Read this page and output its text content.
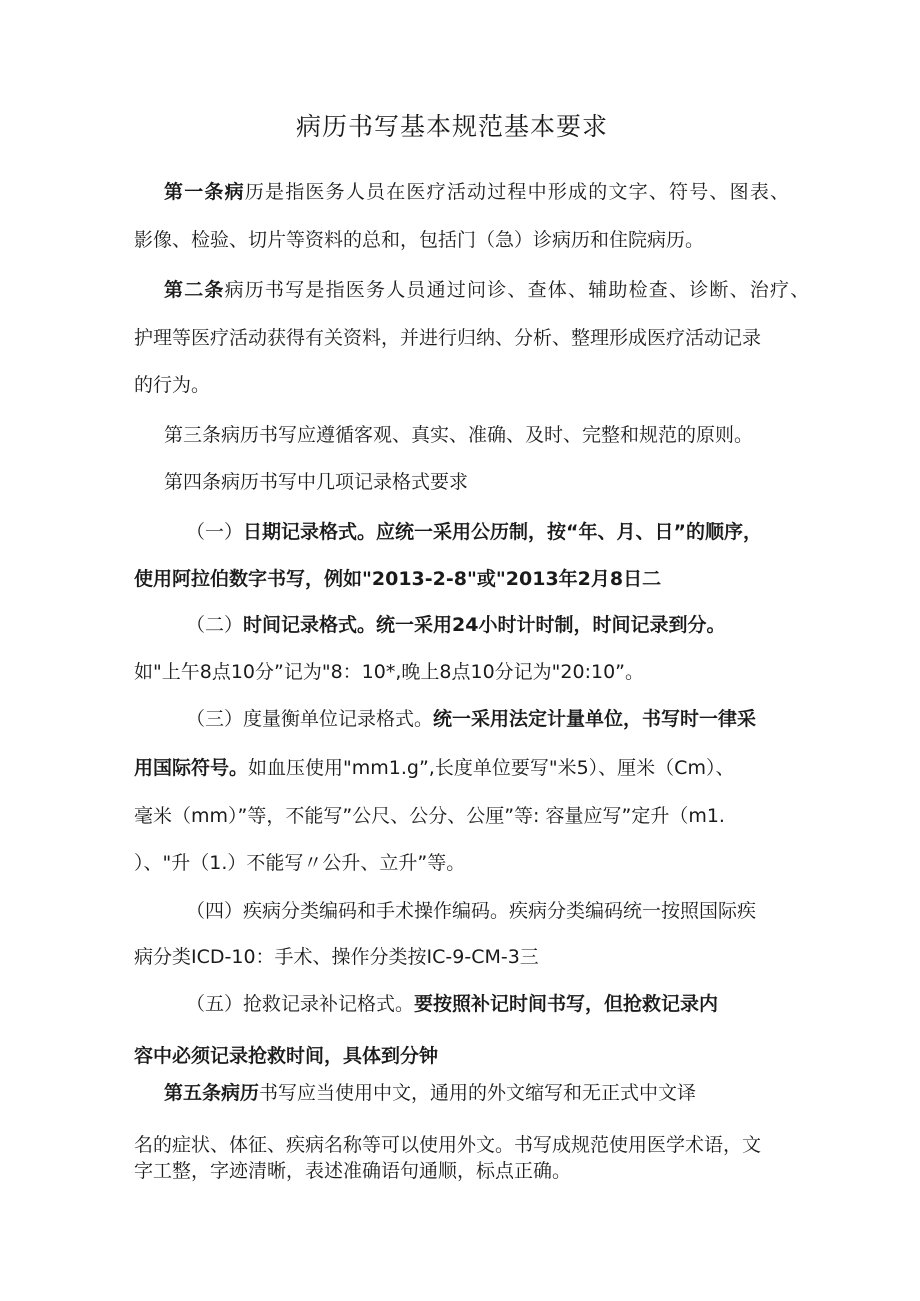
病历书写基本规范基本要求
第一条病历是指医务人员在医疗活动过程中形成的文字、符号、图表、
影像、检验、切片等资料的总和，包括门（急）诊病历和住院病历。
第二条病历书写是指医务人员通过问诊、查体、辅助检查、诊断、治疗、
护理等医疗活动获得有关资料，并进行归纳、分析、整理形成医疗活动记录
的行为。
第三条病历书写应遵循客观、真实、准确、及时、完整和规范的原则。
第四条病历书写中几项记录格式要求
（一）日期记录格式。应统一采用公历制，按“年、月、日”的顺序，
使用阿拉伯数字书写，例如"2013-2-8"或"2013年2月8日二
（二）时间记录格式。统一采用24小时计时制，时间记录到分。
如"上午8点10分”记为"8：10*,晚上8点10分记为"20:10”。
（三）度量衡单位记录格式。统一采用法定计量单位，书写时一律采
用国际符号。如血压使用"mm1.g”,长度单位要写"米5）、厘米（Cm）、
毫米（mm）”等，不能写”公尺、公分、公厘”等: 容量应写”定升（m1.
）、"升（1.）不能写〃公升、立升”等。
（四）疾病分类编码和手术操作编码。疾病分类编码统一按照国际疾
病分类ICD-10：手术、操作分类按IC-9-CM-3三
（五）抢救记录补记格式。要按照补记时间书写，但抢救记录内
容中必须记录抢救时间，具体到分钟
第五条病历书写应当使用中文，通用的外文缩写和无正式中文译
名的症状、体征、疾病名称等可以使用外文。书写成规范使用医学术语，文
字工整，字迹清晰，表述准确语句通顺，标点正确。
